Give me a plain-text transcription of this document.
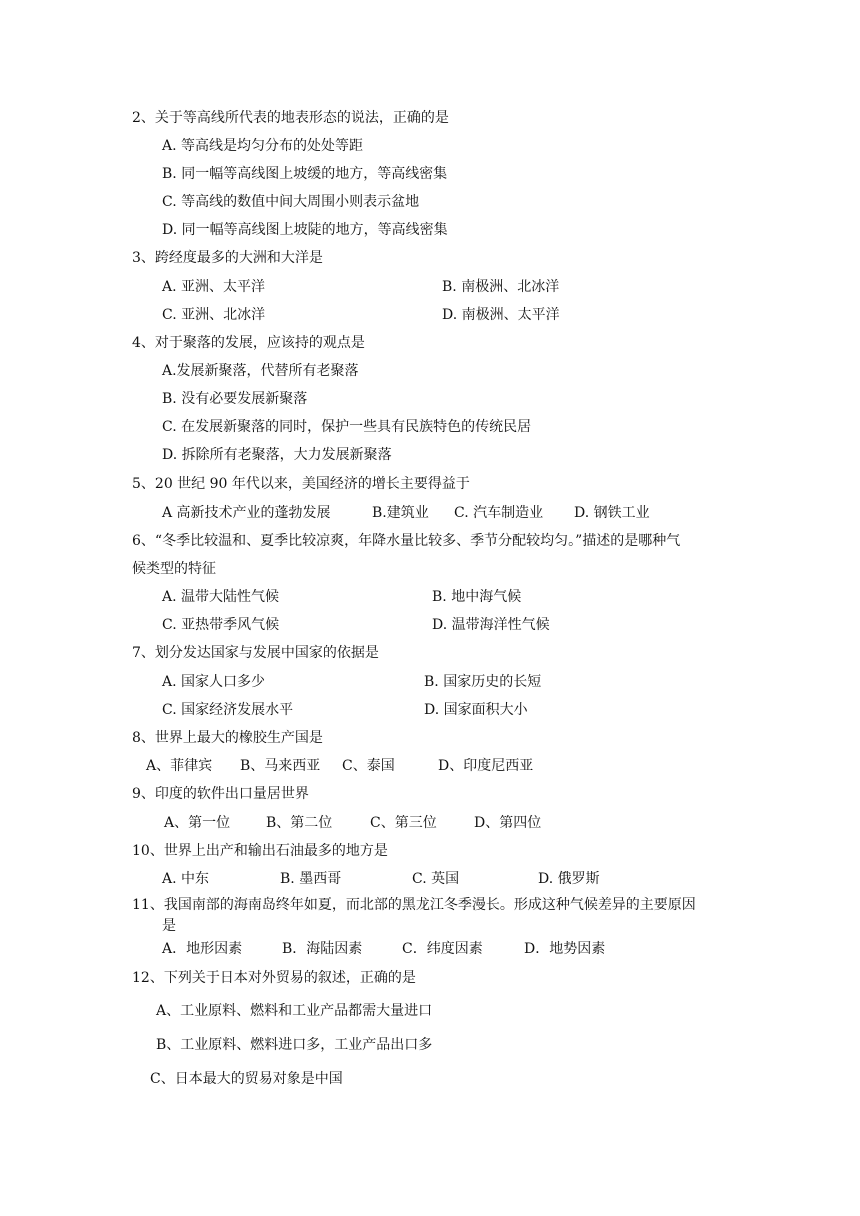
2、关于等高线所代表的地表形态的说法，正确的是
A. 等高线是均匀分布的处处等距
B. 同一幅等高线图上坡缓的地方，等高线密集
C. 等高线的数值中间大周围小则表示盆地
D. 同一幅等高线图上坡陡的地方，等高线密集
3、跨经度最多的大洲和大洋是
A. 亚洲、太平洋	B. 南极洲、北冰洋
C. 亚洲、北冰洋	D. 南极洲、太平洋
4、对于聚落的发展，应该持的观点是
A.发展新聚落，代替所有老聚落
B. 没有必要发展新聚落
C. 在发展新聚落的同时，保护一些具有民族特色的传统民居
D. 拆除所有老聚落，大力发展新聚落
5、20 世纪 90 年代以来，美国经济的增长主要得益于
A 高新技术产业的蓬勃发展	B.建筑业 C. 汽车制造业 D. 钢铁工业
6、“冬季比较温和、夏季比较凉爽，年降水量比较多、季节分配较均匀。”描述的是哪种气
候类型的特征
A. 温带大陆性气候	B. 地中海气候
C. 亚热带季风气候	D. 温带海洋性气候
7、划分发达国家与发展中国家的依据是
A. 国家人口多少	B. 国家历史的长短
C. 国家经济发展水平	D. 国家面积大小
8、世界上最大的橡胶生产国是
A、菲律宾 B、马来西亚 C、泰国	D、印度尼西亚
9、印度的软件出口量居世界
A、第一位	B、第二位	C、第三位	D、第四位
10、世界上出产和输出石油最多的地方是
A. 中东	B. 墨西哥	C. 英国	D. 俄罗斯
11、我国南部的海南岛终年如夏，而北部的黑龙江冬季漫长。形成这种气候差异的主要原因
是
A．地形因素	B．海陆因素	C．纬度因素	D．地势因素
12、下列关于日本对外贸易的叙述，正确的是
A、工业原料、燃料和工业产品都需大量进口
B、工业原料、燃料进口多，工业产品出口多
C、日本最大的贸易对象是中国
